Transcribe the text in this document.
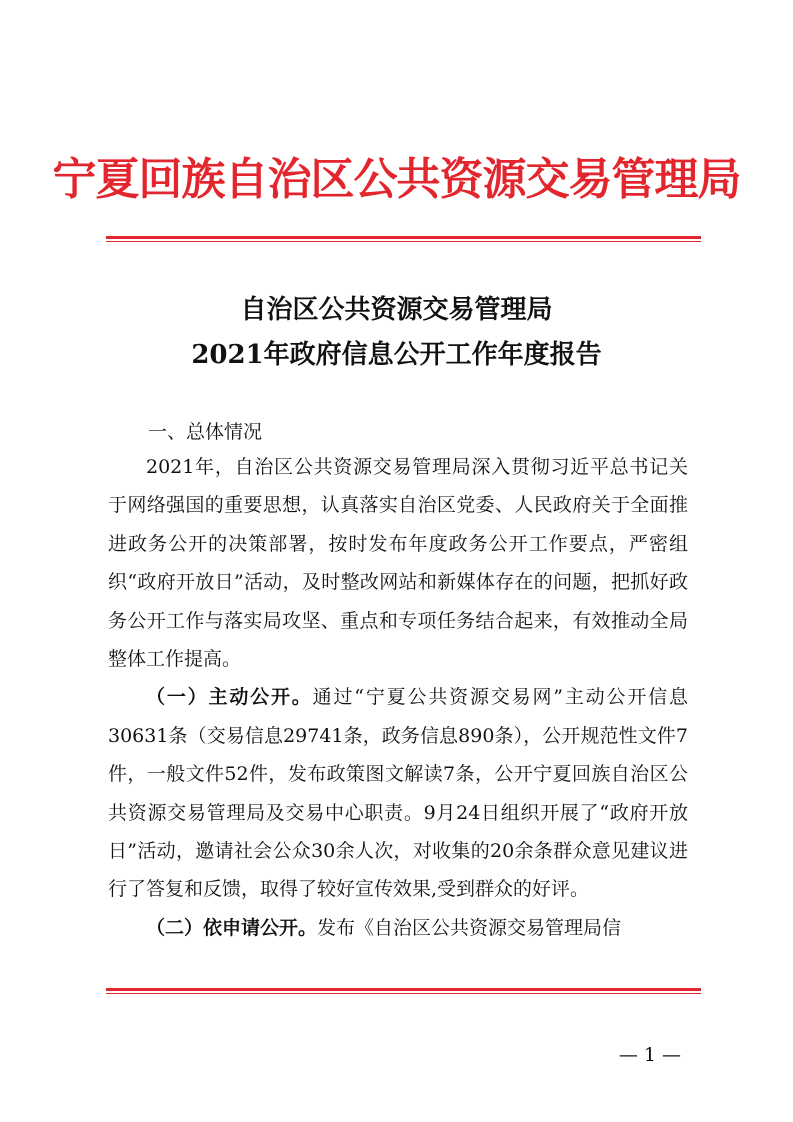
宁夏回族自治区公共资源交易管理局
自治区公共资源交易管理局
2021年政府信息公开工作年度报告
一、总体情况

2021年，自治区公共资源交易管理局深入贯彻习近平总书记关于网络强国的重要思想，认真落实自治区党委、人民政府关于全面推进政务公开的决策部署，按时发布年度政务公开工作要点，严密组织“政府开放日”活动，及时整改网站和新媒体存在的问题，把抓好政务公开工作与落实局攻坚、重点和专项任务结合起来，有效推动全局整体工作提高。

（一）主动公开。通过“宁夏公共资源交易网”主动公开信息30631条（交易信息29741条，政务信息890条），公开规范性文件7件，一般文件52件，发布政策图文解读7条，公开宁夏回族自治区公共资源交易管理局及交易中心职责。9月24日组织开展了“政府开放日”活动，邀请社会公众30余人次，对收集的20余条群众意见建议进行了答复和反馈，取得了较好宣传效果,受到群众的好评。

（二）依申请公开。发布《自治区公共资源交易管理局信

— 1 —
